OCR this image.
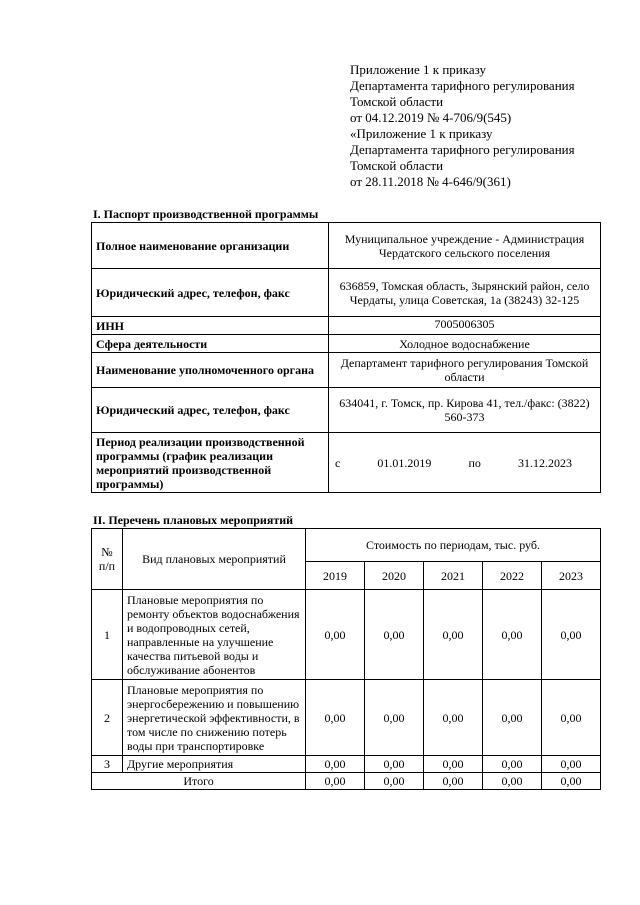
Приложение 1 к приказу
Департамента тарифного регулирования
Томской области
от 04.12.2019 № 4-706/9(545)
«Приложение 1 к приказу
Департамента тарифного регулирования
Томской области
от 28.11.2018 № 4-646/9(361)
I. Паспорт производственной программы
Полное наименование организации	Муниципальное учреждение - Администрация Чердатского сельского поселения
Юридический адрес, телефон, факс	636859, Томская область, Зырянский район, село Чердаты, улица Советская, 1а (38243) 32-125
ИНН	7005006305
Сфера деятельности	Холодное водоснабжение
Наименование уполномоченного органа	Департамент тарифного регулирования Томской области
Юридический адрес, телефон, факс	634041, г. Томск, пр. Кирова 41, тел./факс: (3822) 560-373
Период реализации производственной программы (график реализации мероприятий производственной программы)	с 01.01.2019 по 31.12.2023
II. Перечень плановых мероприятий
№ п/п	Вид плановых мероприятий	Стоимость по периодам, тыс. руб.				
		2019	2020	2021	2022	2023
1	Плановые мероприятия по ремонту объектов водоснабжения и водопроводных сетей, направленные на улучшение качества питьевой воды и обслуживание абонентов	0,00	0,00	0,00	0,00	0,00
2	Плановые мероприятия по энергосбережению и повышению энергетической эффективности, в том числе по снижению потерь воды при транспортировке	0,00	0,00	0,00	0,00	0,00
3	Другие мероприятия	0,00	0,00	0,00	0,00	0,00
Итого		0,00	0,00	0,00	0,00	0,00
